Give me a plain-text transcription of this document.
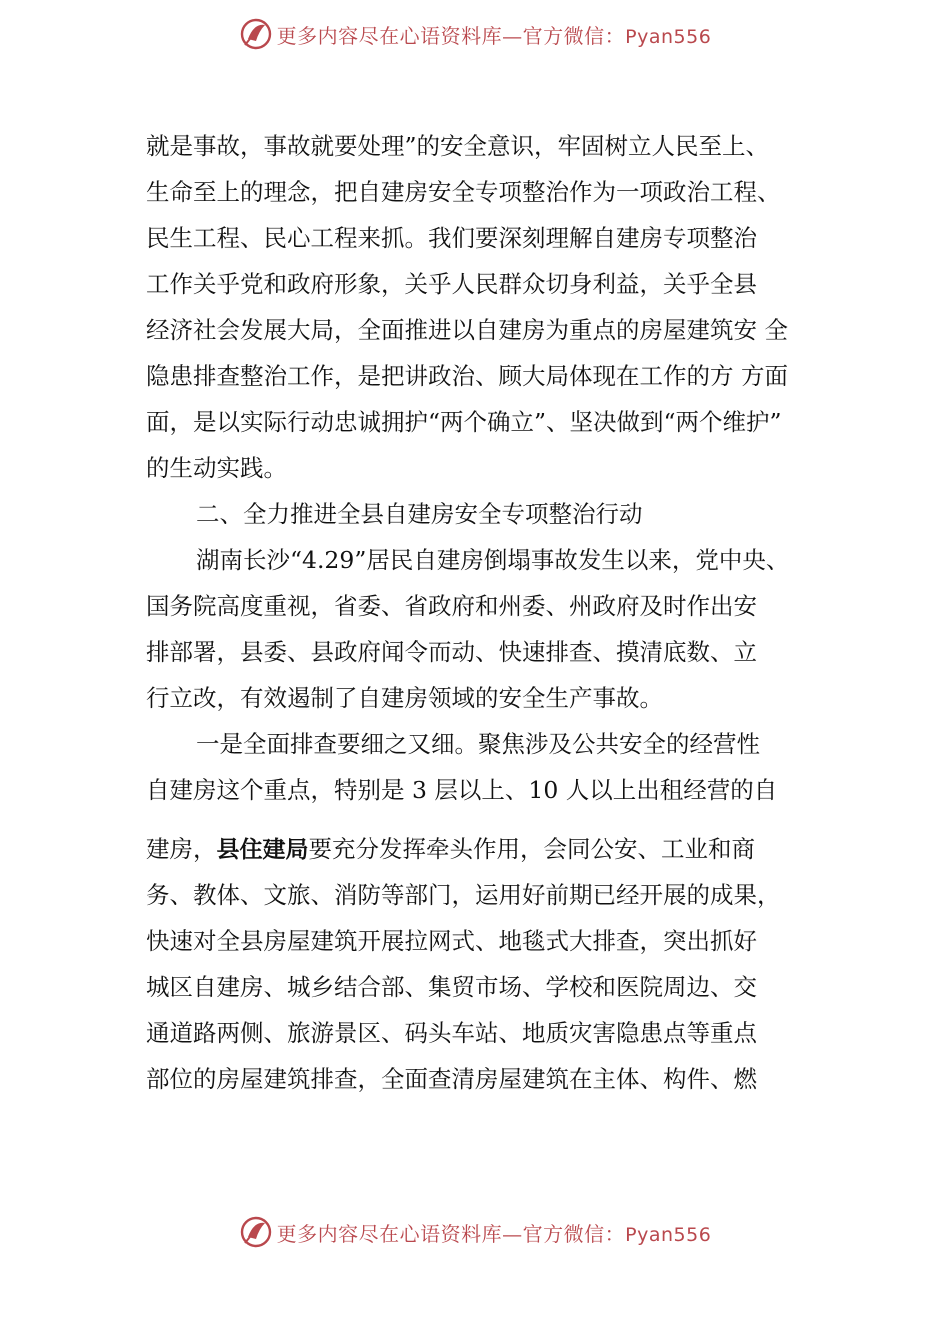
更多内容尽在心语资料库—官方微信：Pyan556
就是事故，事故就要处理”的安全意识，牢固树立人民至上、
生命至上的理念，把自建房安全专项整治作为一项政治工程、
民生工程、民心工程来抓。我们要深刻理解自建房专项整治
工作关乎党和政府形象，关乎人民群众切身利益，关乎全县
经济社会发展大局，全面推进以自建房为重点的房屋建筑安 全
隐患排查整治工作，是把讲政治、顾大局体现在工作的方 方面
面，是以实际行动忠诚拥护“两个确立”、坚决做到“两个维护”
的生动实践。
二、全力推进全县自建房安全专项整治行动
湖南长沙“4.29”居民自建房倒塌事故发生以来，党中央、
国务院高度重视，省委、省政府和州委、州政府及时作出安
排部署，县委、县政府闻令而动、快速排查、摸清底数、立
行立改，有效遏制了自建房领域的安全生产事故。
一是全面排查要细之又细。聚焦涉及公共安全的经营性
自建房这个重点，特别是 3 层以上、10 人以上出租经营的自
建房，县住建局要充分发挥牵头作用，会同公安、工业和商
务、教体、文旅、消防等部门，运用好前期已经开展的成果，
快速对全县房屋建筑开展拉网式、地毯式大排查，突出抓好
城区自建房、城乡结合部、集贸市场、学校和医院周边、交
通道路两侧、旅游景区、码头车站、地质灾害隐患点等重点
部位的房屋建筑排查，全面查清房屋建筑在主体、构件、燃
更多内容尽在心语资料库—官方微信：Pyan556
